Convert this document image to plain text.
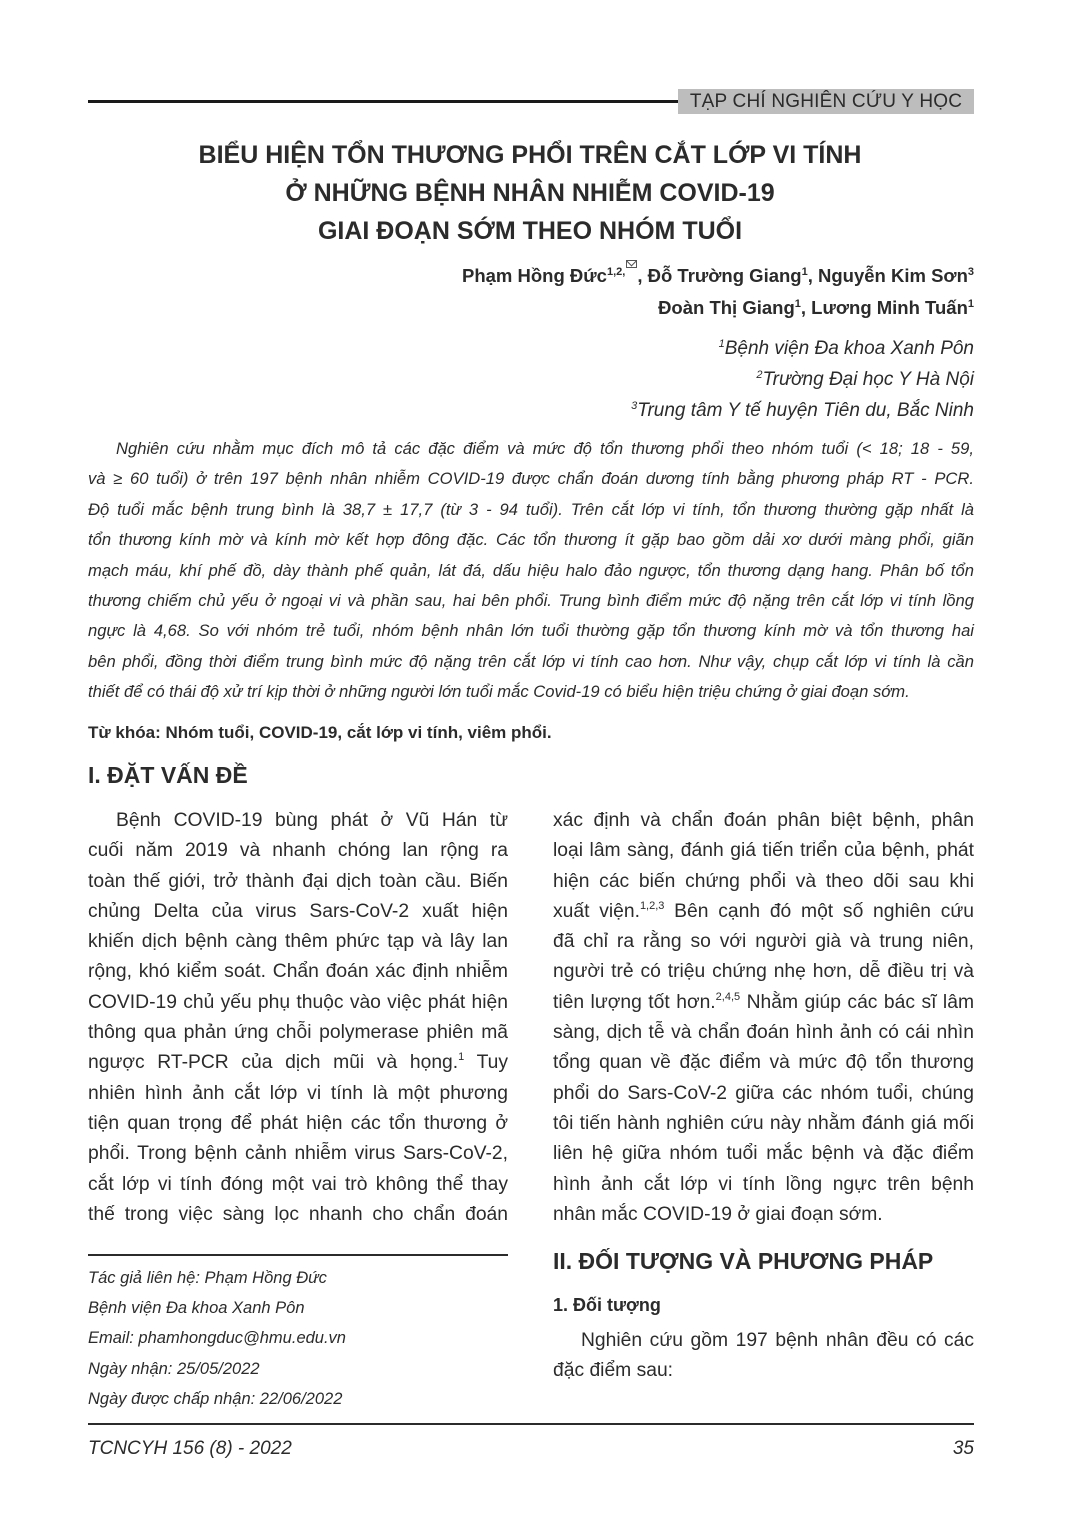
TẠP CHÍ NGHIÊN CỨU Y HỌC
BIỂU HIỆN TỔN THƯƠNG PHỔI TRÊN CẮT LỚP VI TÍNH
Ở NHỮNG BỆNH NHÂN NHIỄM COVID-19
GIAI ĐOẠN SỚM THEO NHÓM TUỔI
Phạm Hồng Đức$^{1,2,}$ , Đỗ Trường Giang$^1$, Nguyễn Kim Sơn$^3$
Đoàn Thị Giang$^1$, Lương Minh Tuấn$^1$
$^1$Bệnh viện Đa khoa Xanh Pôn
$^2$Trường Đại học Y Hà Nội
$^3$Trung tâm Y tế huyện Tiên du, Bắc Ninh
Nghiên cứu nhằm mục đích mô tả các đặc điểm và mức độ tổn thương phổi theo nhóm tuổi (< 18; 18 - 59,
và ≥ 60 tuổi) ở trên 197 bệnh nhân nhiễm COVID-19 được chẩn đoán dương tính bằng phương pháp RT - PCR.
Độ tuổi mắc bệnh trung bình là 38,7 ± 17,7 (từ 3 - 94 tuổi). Trên cắt lớp vi tính, tổn thương thường gặp nhất là
tổn thương kính mờ và kính mờ kết hợp đông đặc. Các tổn thương ít gặp bao gồm dải xơ dưới màng phổi, giãn
mạch máu, khí phế đồ, dày thành phế quản, lát đá, dấu hiệu halo đảo ngược, tổn thương dạng hang. Phân bố tổn
thương chiếm chủ yếu ở ngoại vi và phần sau, hai bên phổi. Trung bình điểm mức độ nặng trên cắt lớp vi tính lồng
ngực là 4,68. So với nhóm trẻ tuổi, nhóm bệnh nhân lớn tuổi thường gặp tổn thương kính mờ và tổn thương hai
bên phổi, đồng thời điểm trung bình mức độ nặng trên cắt lớp vi tính cao hơn. Như vậy, chụp cắt lớp vi tính là cần
thiết để có thái độ xử trí kịp thời ở những người lớn tuổi mắc Covid-19 có biểu hiện triệu chứng ở giai đoạn sớm.
Từ khóa: Nhóm tuổi, COVID-19, cắt lớp vi tính, viêm phổi.
I. ĐẶT VẤN ĐỀ
Bệnh COVID-19 bùng phát ở Vũ Hán từ
cuối năm 2019 và nhanh chóng lan rộng ra
toàn thế giới, trở thành đại dịch toàn cầu. Biến
chủng Delta của virus Sars-CoV-2 xuất hiện
khiến dịch bệnh càng thêm phức tạp và lây lan
rộng, khó kiểm soát. Chẩn đoán xác định nhiễm
COVID-19 chủ yếu phụ thuộc vào việc phát hiện
thông qua phản ứng chỗi polymerase phiên mã
ngược RT-PCR của dịch mũi và họng.$^1$ Tuy
nhiên hình ảnh cắt lớp vi tính là một phương
tiện quan trọng để phát hiện các tổn thương ở
phổi. Trong bệnh cảnh nhiễm virus Sars-CoV-2,
cắt lớp vi tính đóng một vai trò không thể thay
thế trong việc sàng lọc nhanh cho chẩn đoán
xác định và chẩn đoán phân biệt bệnh, phân
loại lâm sàng, đánh giá tiến triển của bệnh, phát
hiện các biến chứng phổi và theo dõi sau khi
xuất viện.$^{1,2,3}$ Bên cạnh đó một số nghiên cứu
đã chỉ ra rằng so với người già và trung niên,
người trẻ có triệu chứng nhẹ hơn, dễ điều trị và
tiên lượng tốt hơn.$^{2,4,5}$ Nhằm giúp các bác sĩ lâm
sàng, dịch tễ và chẩn đoán hình ảnh có cái nhìn
tổng quan về đặc điểm và mức độ tổn thương
phổi do Sars-CoV-2 giữa các nhóm tuổi, chúng
tôi tiến hành nghiên cứu này nhằm đánh giá mối
liên hệ giữa nhóm tuổi mắc bệnh và đặc điểm
hình ảnh cắt lớp vi tính lồng ngực trên bệnh
nhân mắc COVID-19 ở giai đoạn sớm.
II. ĐỐI TƯỢNG VÀ PHƯƠNG PHÁP
1. Đối tượng
Nghiên cứu gồm 197 bệnh nhân đều có các
đặc điểm sau:
Tác giả liên hệ: Phạm Hồng Đức
Bệnh viện Đa khoa Xanh Pôn
Email: phamhongduc@hmu.edu.vn
Ngày nhận: 25/05/2022
Ngày được chấp nhận: 22/06/2022
TCNCYH 156 (8) - 2022	35
